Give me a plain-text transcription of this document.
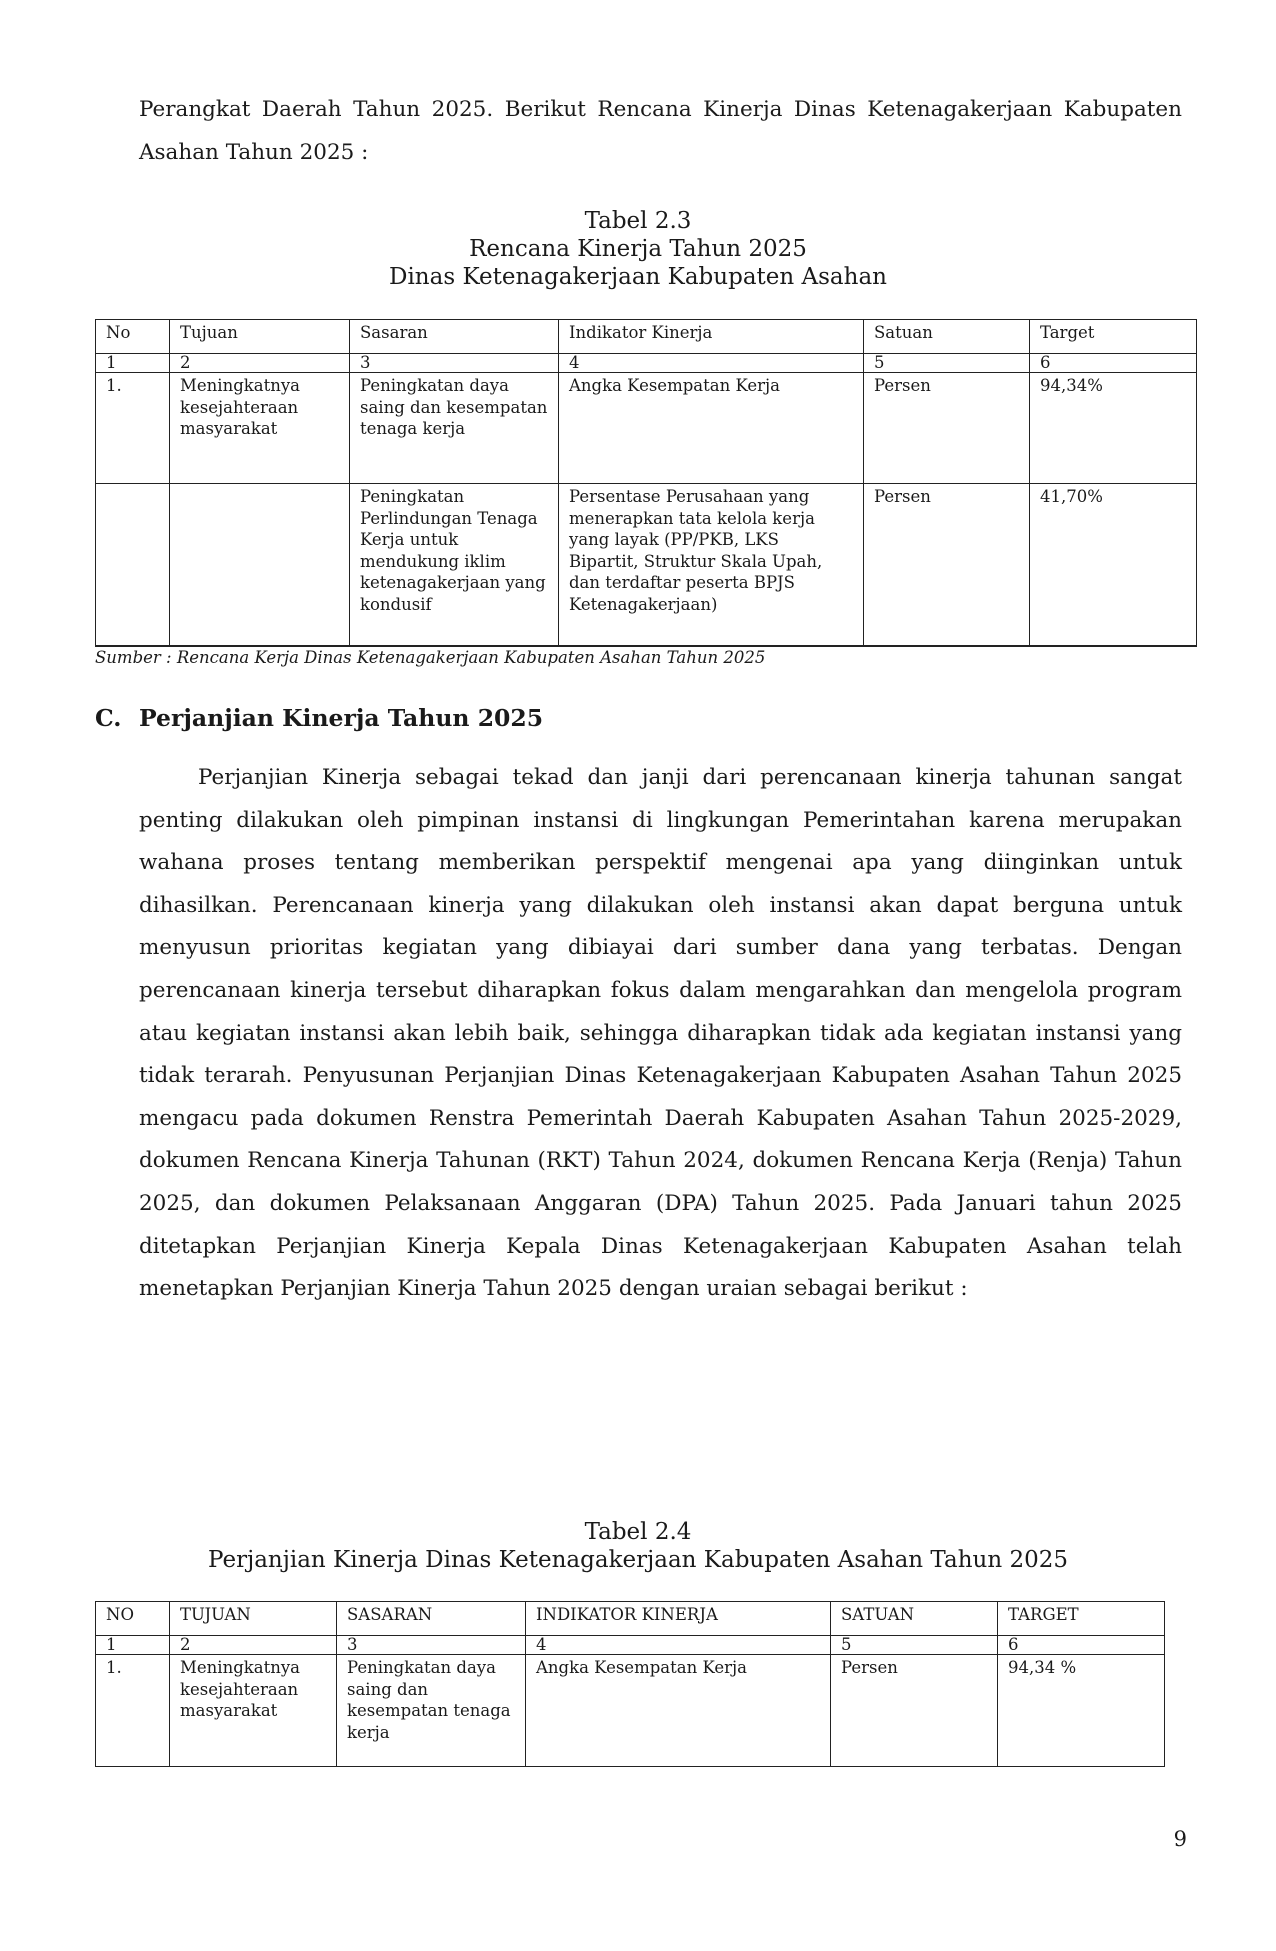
Perangkat Daerah Tahun 2025. Berikut Rencana Kinerja Dinas Ketenagakerjaan Kabupaten Asahan Tahun 2025 :

Tabel 2.3

Rencana Kinerja Tahun 2025

Dinas Ketenagakerjaan Kabupaten Asahan

No	Tujuan	Sasaran	Indikator Kinerja	Satuan	Target
1	2	3	4	5	6
1.	Meningkatnya kesejahteraan masyarakat	Peningkatan daya saing dan kesempatan tenaga kerja	Angka Kesempatan Kerja	Persen	94,34%
		Peningkatan Perlindungan Tenaga Kerja untuk mendukung iklim ketenagakerjaan yang kondusif	Persentase Perusahaan yang menerapkan tata kelola kerja yang layak (PP/PKB, LKS Bipartit, Struktur Skala Upah, dan terdaftar peserta BPJS Ketenagakerjaan)	Persen	41,70%

Sumber : Rencana Kerja Dinas Ketenagakerjaan Kabupaten Asahan Tahun 2025

C. Perjanjian Kinerja Tahun 2025

Perjanjian Kinerja sebagai tekad dan janji dari perencanaan kinerja tahunan sangat penting dilakukan oleh pimpinan instansi di lingkungan Pemerintahan karena merupakan wahana proses tentang memberikan perspektif mengenai apa yang diinginkan untuk dihasilkan. Perencanaan kinerja yang dilakukan oleh instansi akan dapat berguna untuk menyusun prioritas kegiatan yang dibiayai dari sumber dana yang terbatas. Dengan perencanaan kinerja tersebut diharapkan fokus dalam mengarahkan dan mengelola program atau kegiatan instansi akan lebih baik, sehingga diharapkan tidak ada kegiatan instansi yang tidak terarah. Penyusunan Perjanjian Dinas Ketenagakerjaan Kabupaten Asahan Tahun 2025 mengacu pada dokumen Renstra Pemerintah Daerah Kabupaten Asahan Tahun 2025-2029, dokumen Rencana Kinerja Tahunan (RKT) Tahun 2024, dokumen Rencana Kerja (Renja) Tahun 2025, dan dokumen Pelaksanaan Anggaran (DPA) Tahun 2025. Pada Januari tahun 2025 ditetapkan Perjanjian Kinerja Kepala Dinas Ketenagakerjaan Kabupaten Asahan telah menetapkan Perjanjian Kinerja Tahun 2025 dengan uraian sebagai berikut :

Tabel 2.4

Perjanjian Kinerja Dinas Ketenagakerjaan Kabupaten Asahan Tahun 2025

NO	TUJUAN	SASARAN	INDIKATOR KINERJA	SATUAN	TARGET
1	2	3	4	5	6
1.	Meningkatnya kesejahteraan masyarakat	Peningkatan daya saing dan kesempatan tenaga kerja	Angka Kesempatan Kerja	Persen	94,34 %

9
